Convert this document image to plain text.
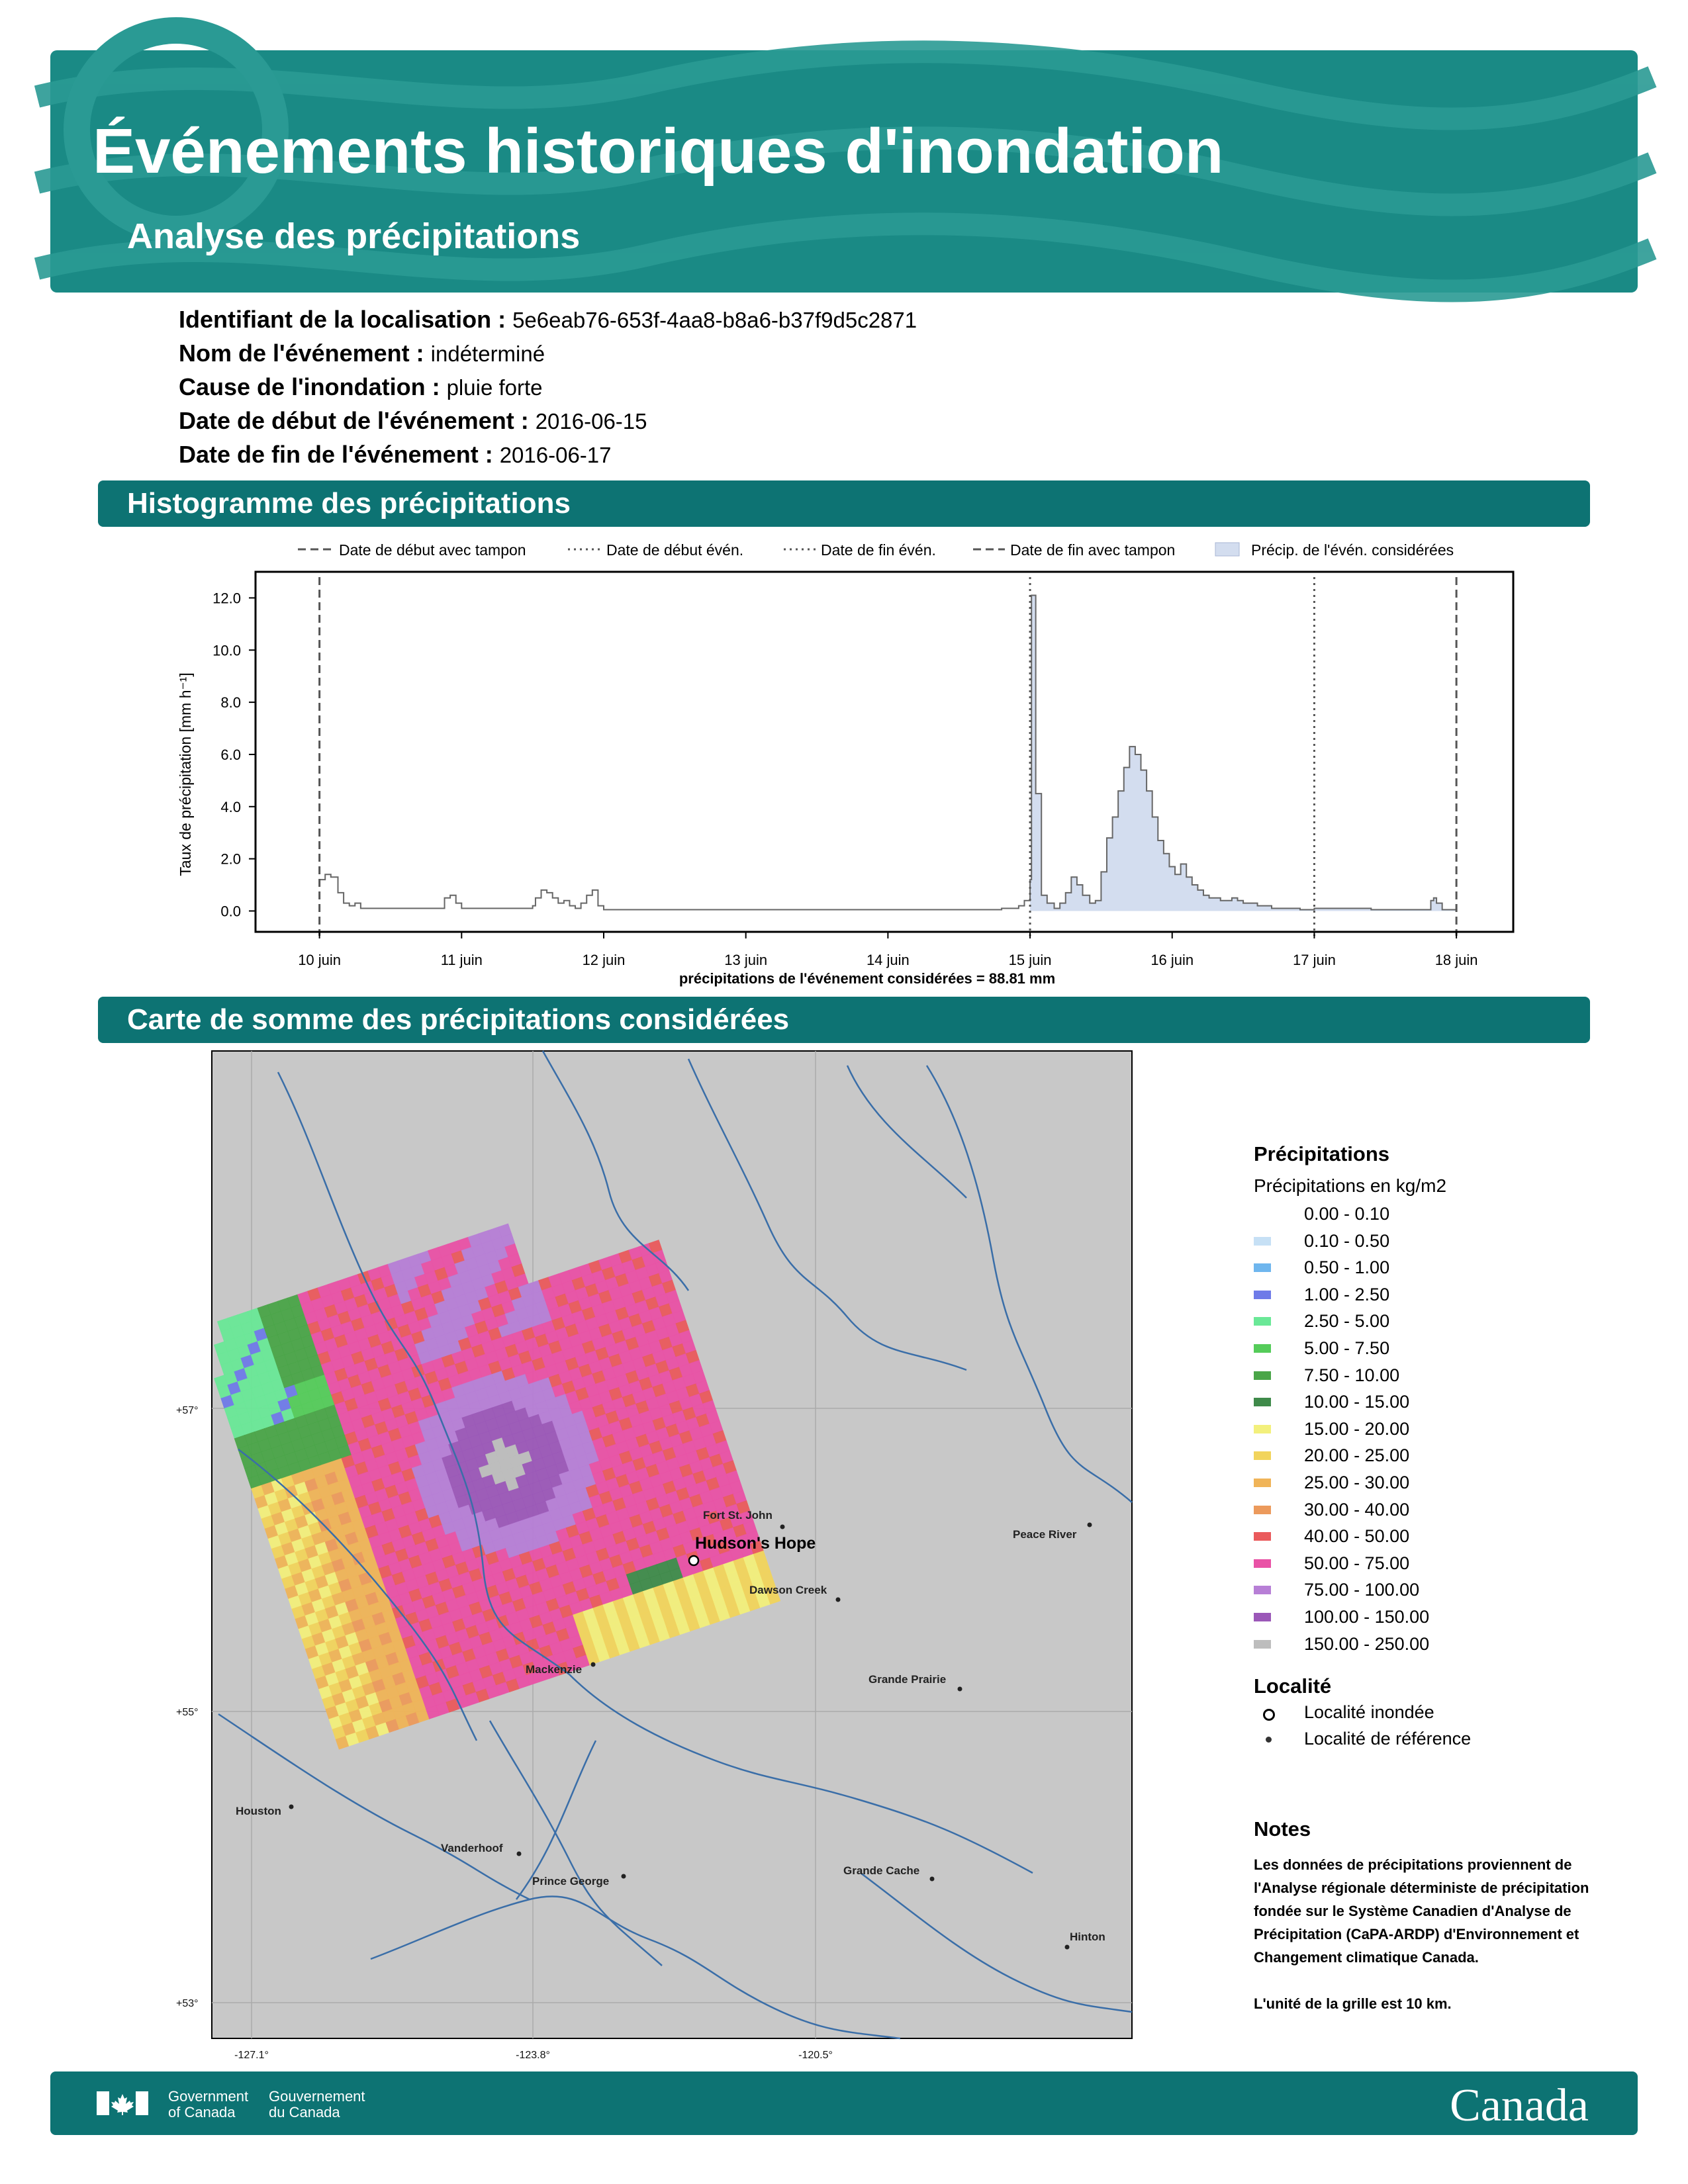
Événements historiques d'inondation
Analyse des précipitations
Identifiant de la localisation : 5e6eab76-653f-4aa8-b8a6-b37f9d5c2871
Nom de l'événement : indéterminé
Cause de l'inondation : pluie forte
Date de début de l'événement : 2016-06-15
Date de fin de l'événement : 2016-06-17
Histogramme des précipitations
Date de début avec tampon	Date de début évén.	Date de fin évén.	Date de fin avec tampon	Précip. de l'évén. considérées
0.0
2.0
4.0
6.0
8.0
10.0
12.0
10 juin	11 juin	12 juin	13 juin	14 juin	15 juin	16 juin	17 juin	18 juin
Taux de précipitation [mm h⁻¹]
précipitations de l'événement considérées = 88.81 mm
Carte de somme des précipitations considérées
Hudson's Hope
Fort St. John
Dawson Creek
Mackenzie
Grande Prairie
Peace River
Houston
Vanderhoof
Prince George
Grande Cache
Hinton
+57°
+55°
+53°
-127.1°	-123.8°	-120.5°
Précipitations
Précipitations en kg/m2
0.00 - 0.10
0.10 - 0.50
0.50 - 1.00
1.00 - 2.50
2.50 - 5.00
5.00 - 7.50
7.50 - 10.00
10.00 - 15.00
15.00 - 20.00
20.00 - 25.00
25.00 - 30.00
30.00 - 40.00
40.00 - 50.00
50.00 - 75.00
75.00 - 100.00
100.00 - 150.00
150.00 - 250.00
Localité
Localité inondée
Localité de référence
Notes

Les données de précipitations proviennent de l'Analyse régionale déterministe de précipitation fondée sur le Système Canadien d'Analyse de Précipitation (CaPA-ARDP) d'Environnement et Changement climatique Canada.

L'unité de la grille est 10 km.

Government
of Canada
Gouvernement
du Canada	Canada
